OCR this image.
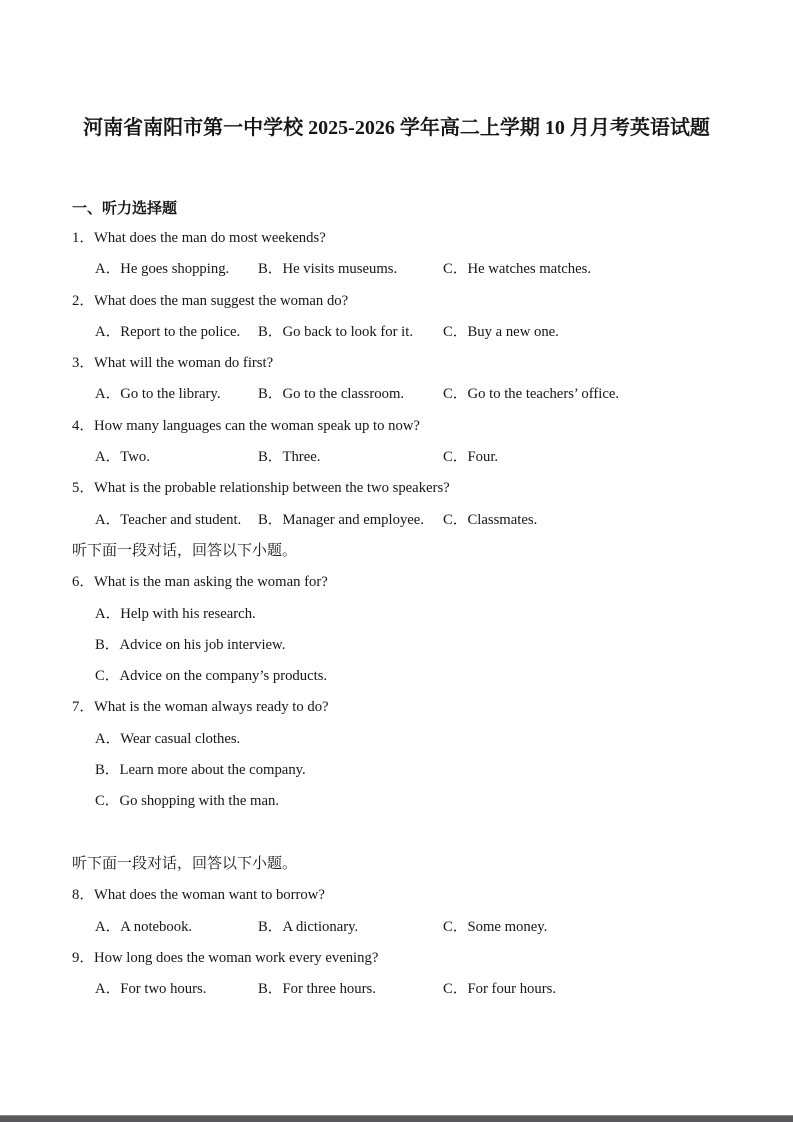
河南省南阳市第一中学校 2025-2026 学年高二上学期 10 月月考英语试题
一、听力选择题
1．What does the man do most weekends?
A．He goes shopping. B．He visits museums.	C．He watches matches.
2．What does the man suggest the woman do?
A．Report to the police. B．Go back to look for it. C．Buy a new one.
3．What will the woman do first?
A．Go to the library.	B．Go to the classroom.	C．Go to the teachers’ office.
4．How many languages can the woman speak up to now?
A．Two.	B．Three.	C．Four.
5．What is the probable relationship between the two speakers?
A．Teacher and student. B．Manager and employee. C．Classmates.
听下面一段对话，回答以下小题。
6．What is the man asking the woman for?
A．Help with his research.
B．Advice on his job interview.
C．Advice on the company’s products.
7．What is the woman always ready to do?
A．Wear casual clothes.
B．Learn more about the company.
C．Go shopping with the man.
听下面一段对话，回答以下小题。
8．What does the woman want to borrow?
A．A notebook.	B．A dictionary.	C．Some money.
9．How long does the woman work every evening?
A．For two hours.	B．For three hours.	C．For four hours.
